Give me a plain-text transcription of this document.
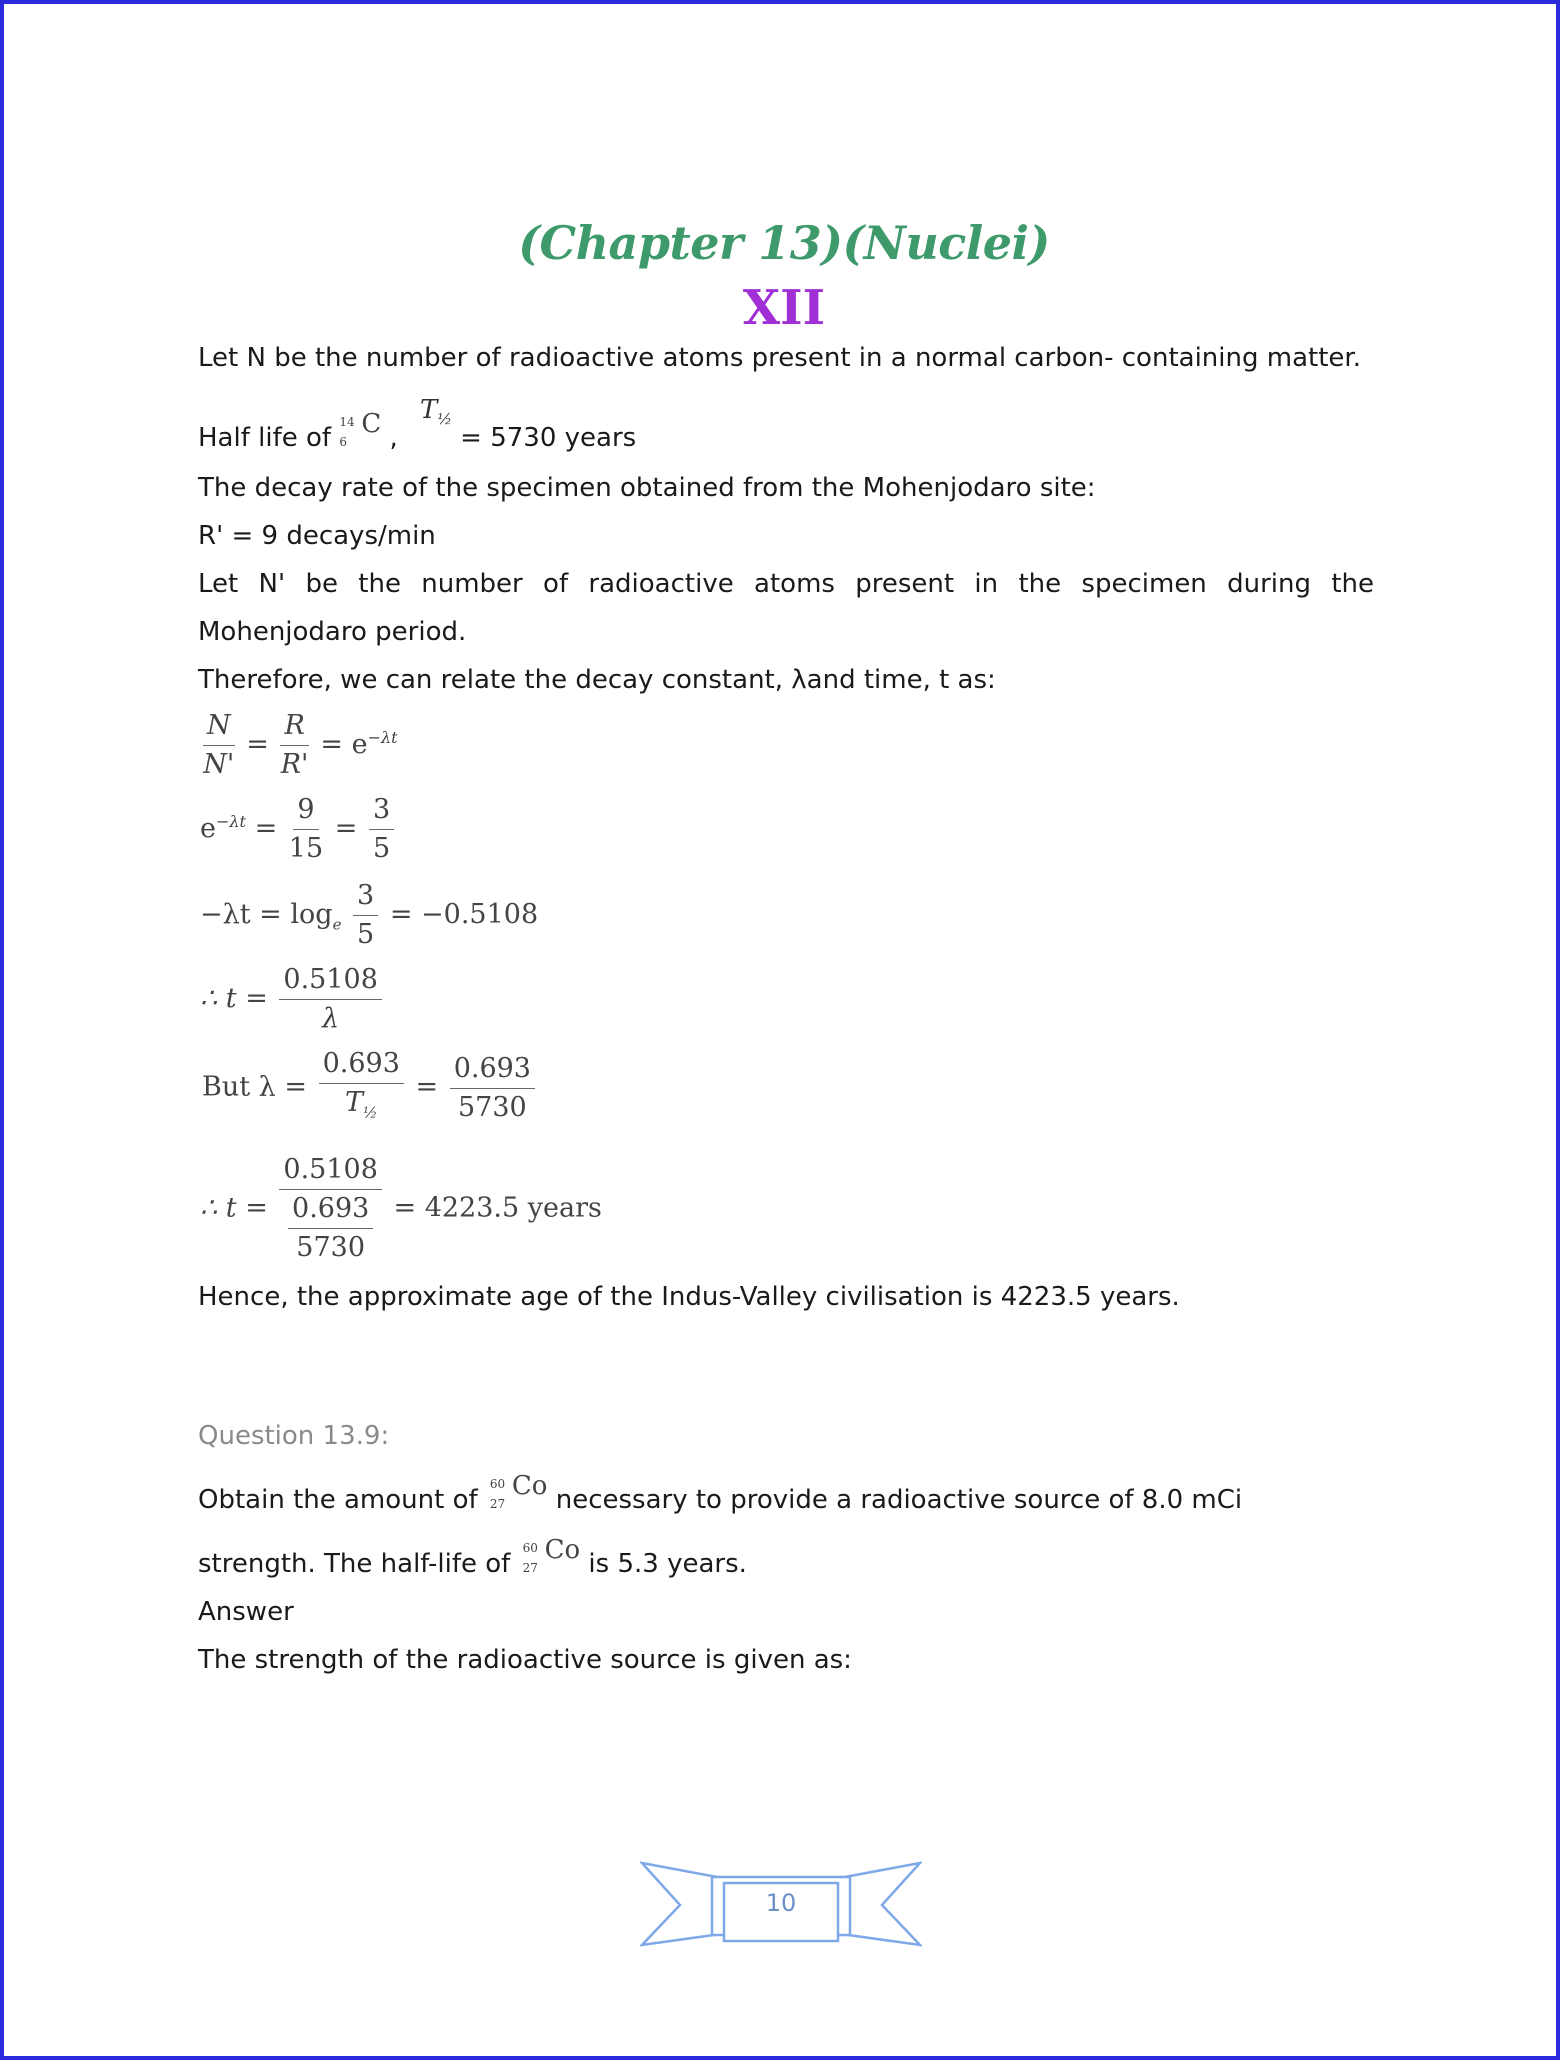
(Chapter 13)(Nuclei)
XII
Let N be the number of radioactive atoms present in a normal carbon- containing matter.
Half life of
14
6
C , $T_{\frac{1}{2}} = 5730$ years
The decay rate of the specimen obtained from the Mohenjodaro site:
R' = 9 decays/min
Let N' be the number of radioactive atoms present in the specimen during the
Mohenjodaro period.
Therefore, we can relate the decay constant, λand time, t as:
$\frac{N}{N'} = \frac{R}{R'} = e^{-\lambda t}$
$e^{-\lambda t} = \frac{9}{15} = \frac{3}{5}$
$-\lambda t = \log_e \frac{3}{5} = -0.5108$
∴ $t = \frac{0.5108}{\lambda}$
But $\lambda = \frac{0.693}{T_{\frac{1}{2}}} = \frac{0.693}{5730}$
∴ $t = \frac{0.5108}{\frac{0.693}{5730}} = 4223.5$ years
Hence, the approximate age of the Indus-Valley civilisation is 4223.5 years.
Question 13.9:
Obtain the amount of
60
27
Co necessary to provide a radioactive source of 8.0 mCi
strength. The half-life of
60
27
Co is 5.3 years.
Answer
The strength of the radioactive source is given as:
10
